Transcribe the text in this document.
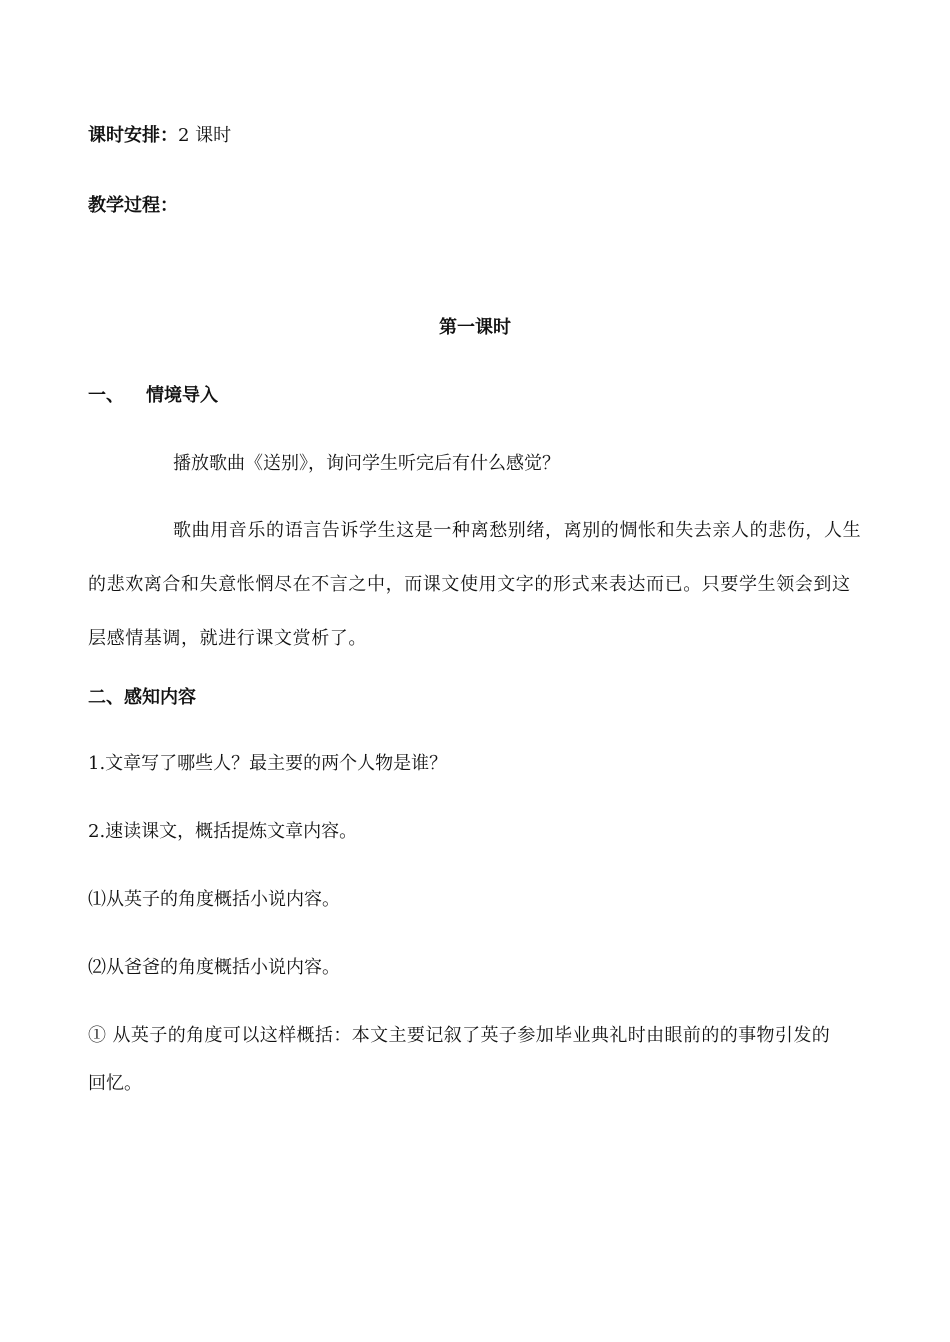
课时安排：2 课时
教学过程：
第一课时
一、 情境导入
播放歌曲《送别》，询问学生听完后有什么感觉？
歌曲用音乐的语言告诉学生这是一种离愁别绪，离别的惆怅和失去亲人的悲伤，人生的悲欢离合和失意怅惘尽在不言之中，而课文使用文字的形式来表达而已。只要学生领会到这层感情基调，就进行课文赏析了。
二、感知内容
1.文章写了哪些人？最主要的两个人物是谁？
2.速读课文，概括提炼文章内容。
⑴从英子的角度概括小说内容。
⑵从爸爸的角度概括小说内容。
① 从英子的角度可以这样概括：本文主要记叙了英子参加毕业典礼时由眼前的的事物引发的
回忆。
